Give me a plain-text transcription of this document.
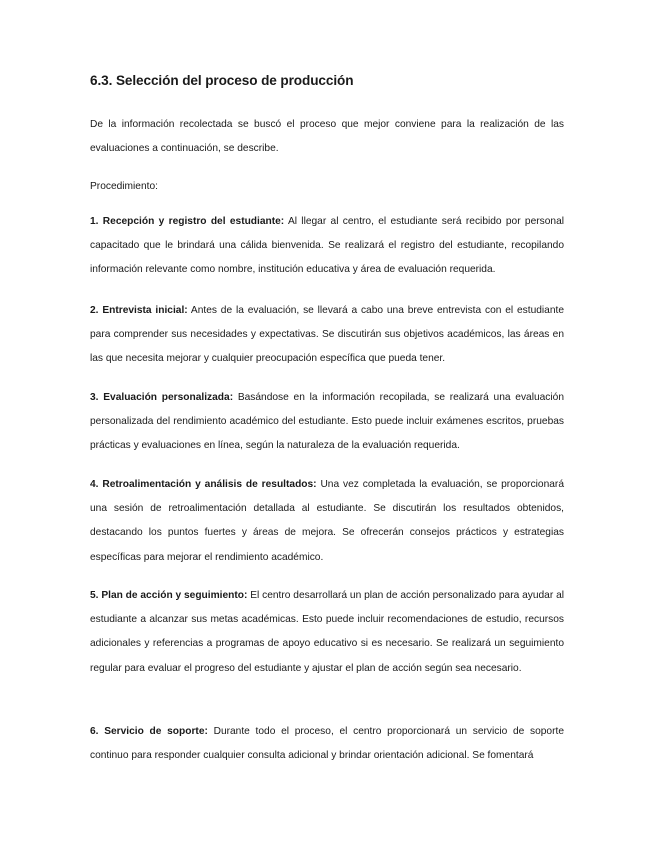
6.3. Selección del proceso de producción

De la información recolectada se buscó el proceso que mejor conviene para la realización de las evaluaciones a continuación, se describe.

Procedimiento:

1. Recepción y registro del estudiante: Al llegar al centro, el estudiante será recibido por personal capacitado que le brindará una cálida bienvenida. Se realizará el registro del estudiante, recopilando información relevante como nombre, institución educativa y área de evaluación requerida.

2. Entrevista inicial: Antes de la evaluación, se llevará a cabo una breve entrevista con el estudiante para comprender sus necesidades y expectativas. Se discutirán sus objetivos académicos, las áreas en las que necesita mejorar y cualquier preocupación específica que pueda tener.

3. Evaluación personalizada: Basándose en la información recopilada, se realizará una evaluación personalizada del rendimiento académico del estudiante. Esto puede incluir exámenes escritos, pruebas prácticas y evaluaciones en línea, según la naturaleza de la evaluación requerida.

4. Retroalimentación y análisis de resultados: Una vez completada la evaluación, se proporcionará una sesión de retroalimentación detallada al estudiante. Se discutirán los resultados obtenidos, destacando los puntos fuertes y áreas de mejora. Se ofrecerán consejos prácticos y estrategias específicas para mejorar el rendimiento académico.

5. Plan de acción y seguimiento: El centro desarrollará un plan de acción personalizado para ayudar al estudiante a alcanzar sus metas académicas. Esto puede incluir recomendaciones de estudio, recursos adicionales y referencias a programas de apoyo educativo si es necesario. Se realizará un seguimiento regular para evaluar el progreso del estudiante y ajustar el plan de acción según sea necesario.

6. Servicio de soporte: Durante todo el proceso, el centro proporcionará un servicio de soporte continuo para responder cualquier consulta adicional y brindar orientación adicional. Se fomentará
